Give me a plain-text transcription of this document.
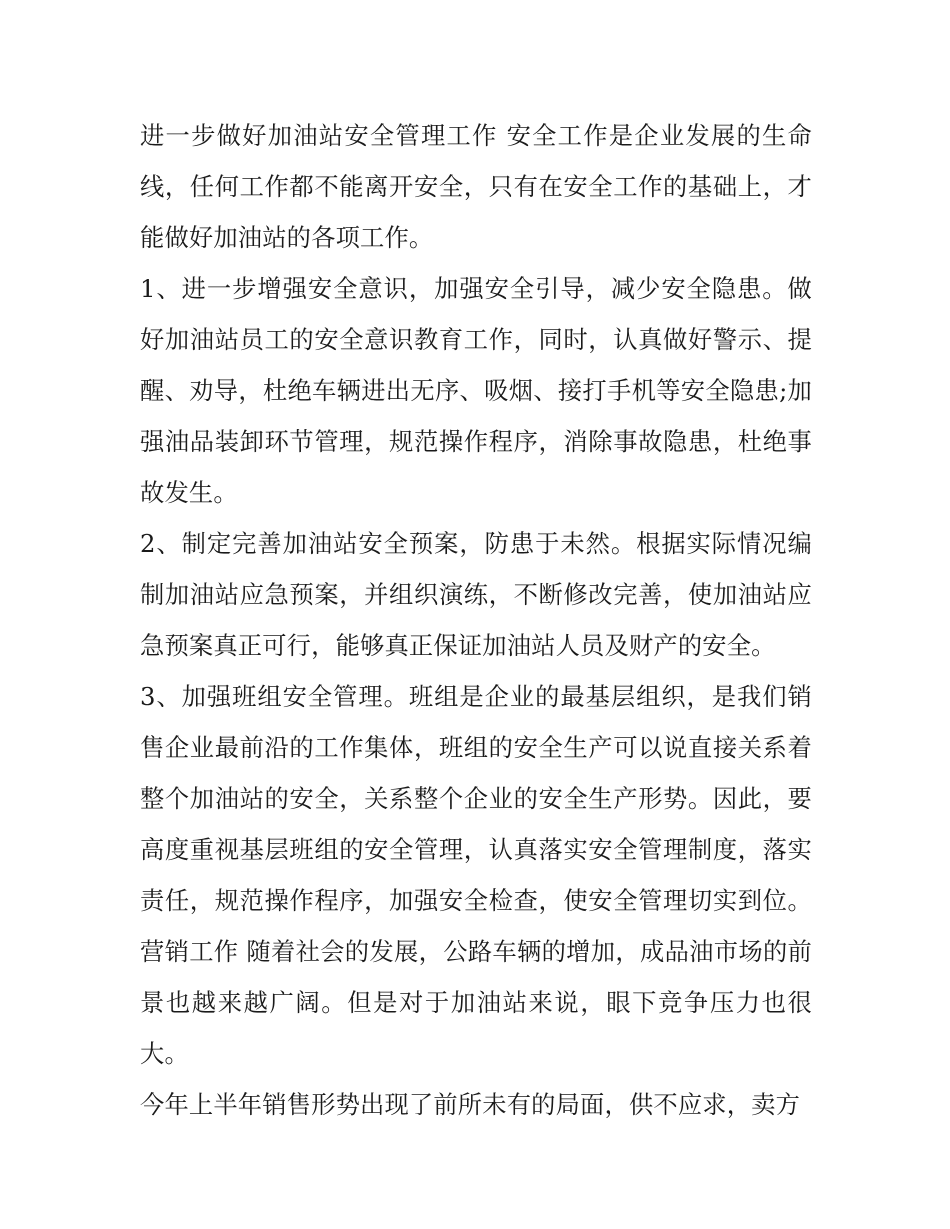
进一步做好加油站安全管理工作 安全工作是企业发展的生命线，任何工作都不能离开安全，只有在安全工作的基础上，才能做好加油站的各项工作。

1、进一步增强安全意识，加强安全引导，减少安全隐患。做好加油站员工的安全意识教育工作，同时，认真做好警示、提醒、劝导，杜绝车辆进出无序、吸烟、接打手机等安全隐患;加强油品装卸环节管理，规范操作程序，消除事故隐患，杜绝事故发生。

2、制定完善加油站安全预案，防患于未然。根据实际情况编制加油站应急预案，并组织演练，不断修改完善，使加油站应急预案真正可行，能够真正保证加油站人员及财产的安全。

3、加强班组安全管理。班组是企业的最基层组织，是我们销售企业最前沿的工作集体，班组的安全生产可以说直接关系着整个加油站的安全，关系整个企业的安全生产形势。因此，要高度重视基层班组的安全管理，认真落实安全管理制度，落实责任，规范操作程序，加强安全检查，使安全管理切实到位。营销工作 随着社会的发展，公路车辆的增加，成品油市场的前景也越来越广阔。但是对于加油站来说，眼下竞争压力也很大。

今年上半年销售形势出现了前所未有的局面，供不应求，卖方
